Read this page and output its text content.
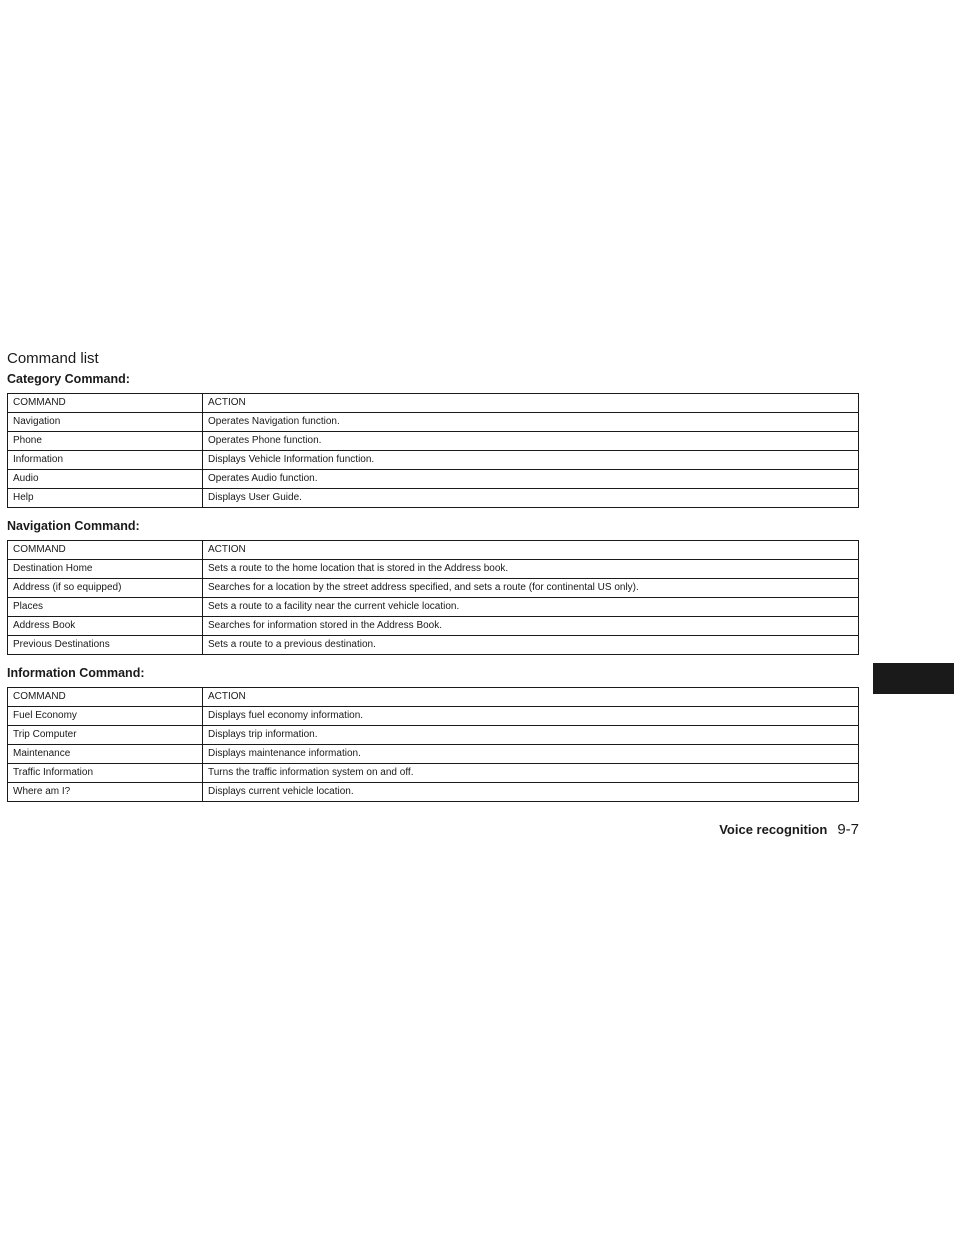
Command list
Category Command:
COMMAND	ACTION
Navigation	Operates Navigation function.
Phone	Operates Phone function.
Information	Displays Vehicle Information function.
Audio	Operates Audio function.
Help	Displays User Guide.
Navigation Command:
COMMAND	ACTION
Destination Home	Sets a route to the home location that is stored in the Address book.
Address (if so equipped)	Searches for a location by the street address specified, and sets a route (for continental US only).
Places	Sets a route to a facility near the current vehicle location.
Address Book	Searches for information stored in the Address Book.
Previous Destinations	Sets a route to a previous destination.
Information Command:
COMMAND	ACTION
Fuel Economy	Displays fuel economy information.
Trip Computer	Displays trip information.
Maintenance	Displays maintenance information.
Traffic Information	Turns the traffic information system on and off.
Where am I?	Displays current vehicle location.
Voice recognition 9-7
